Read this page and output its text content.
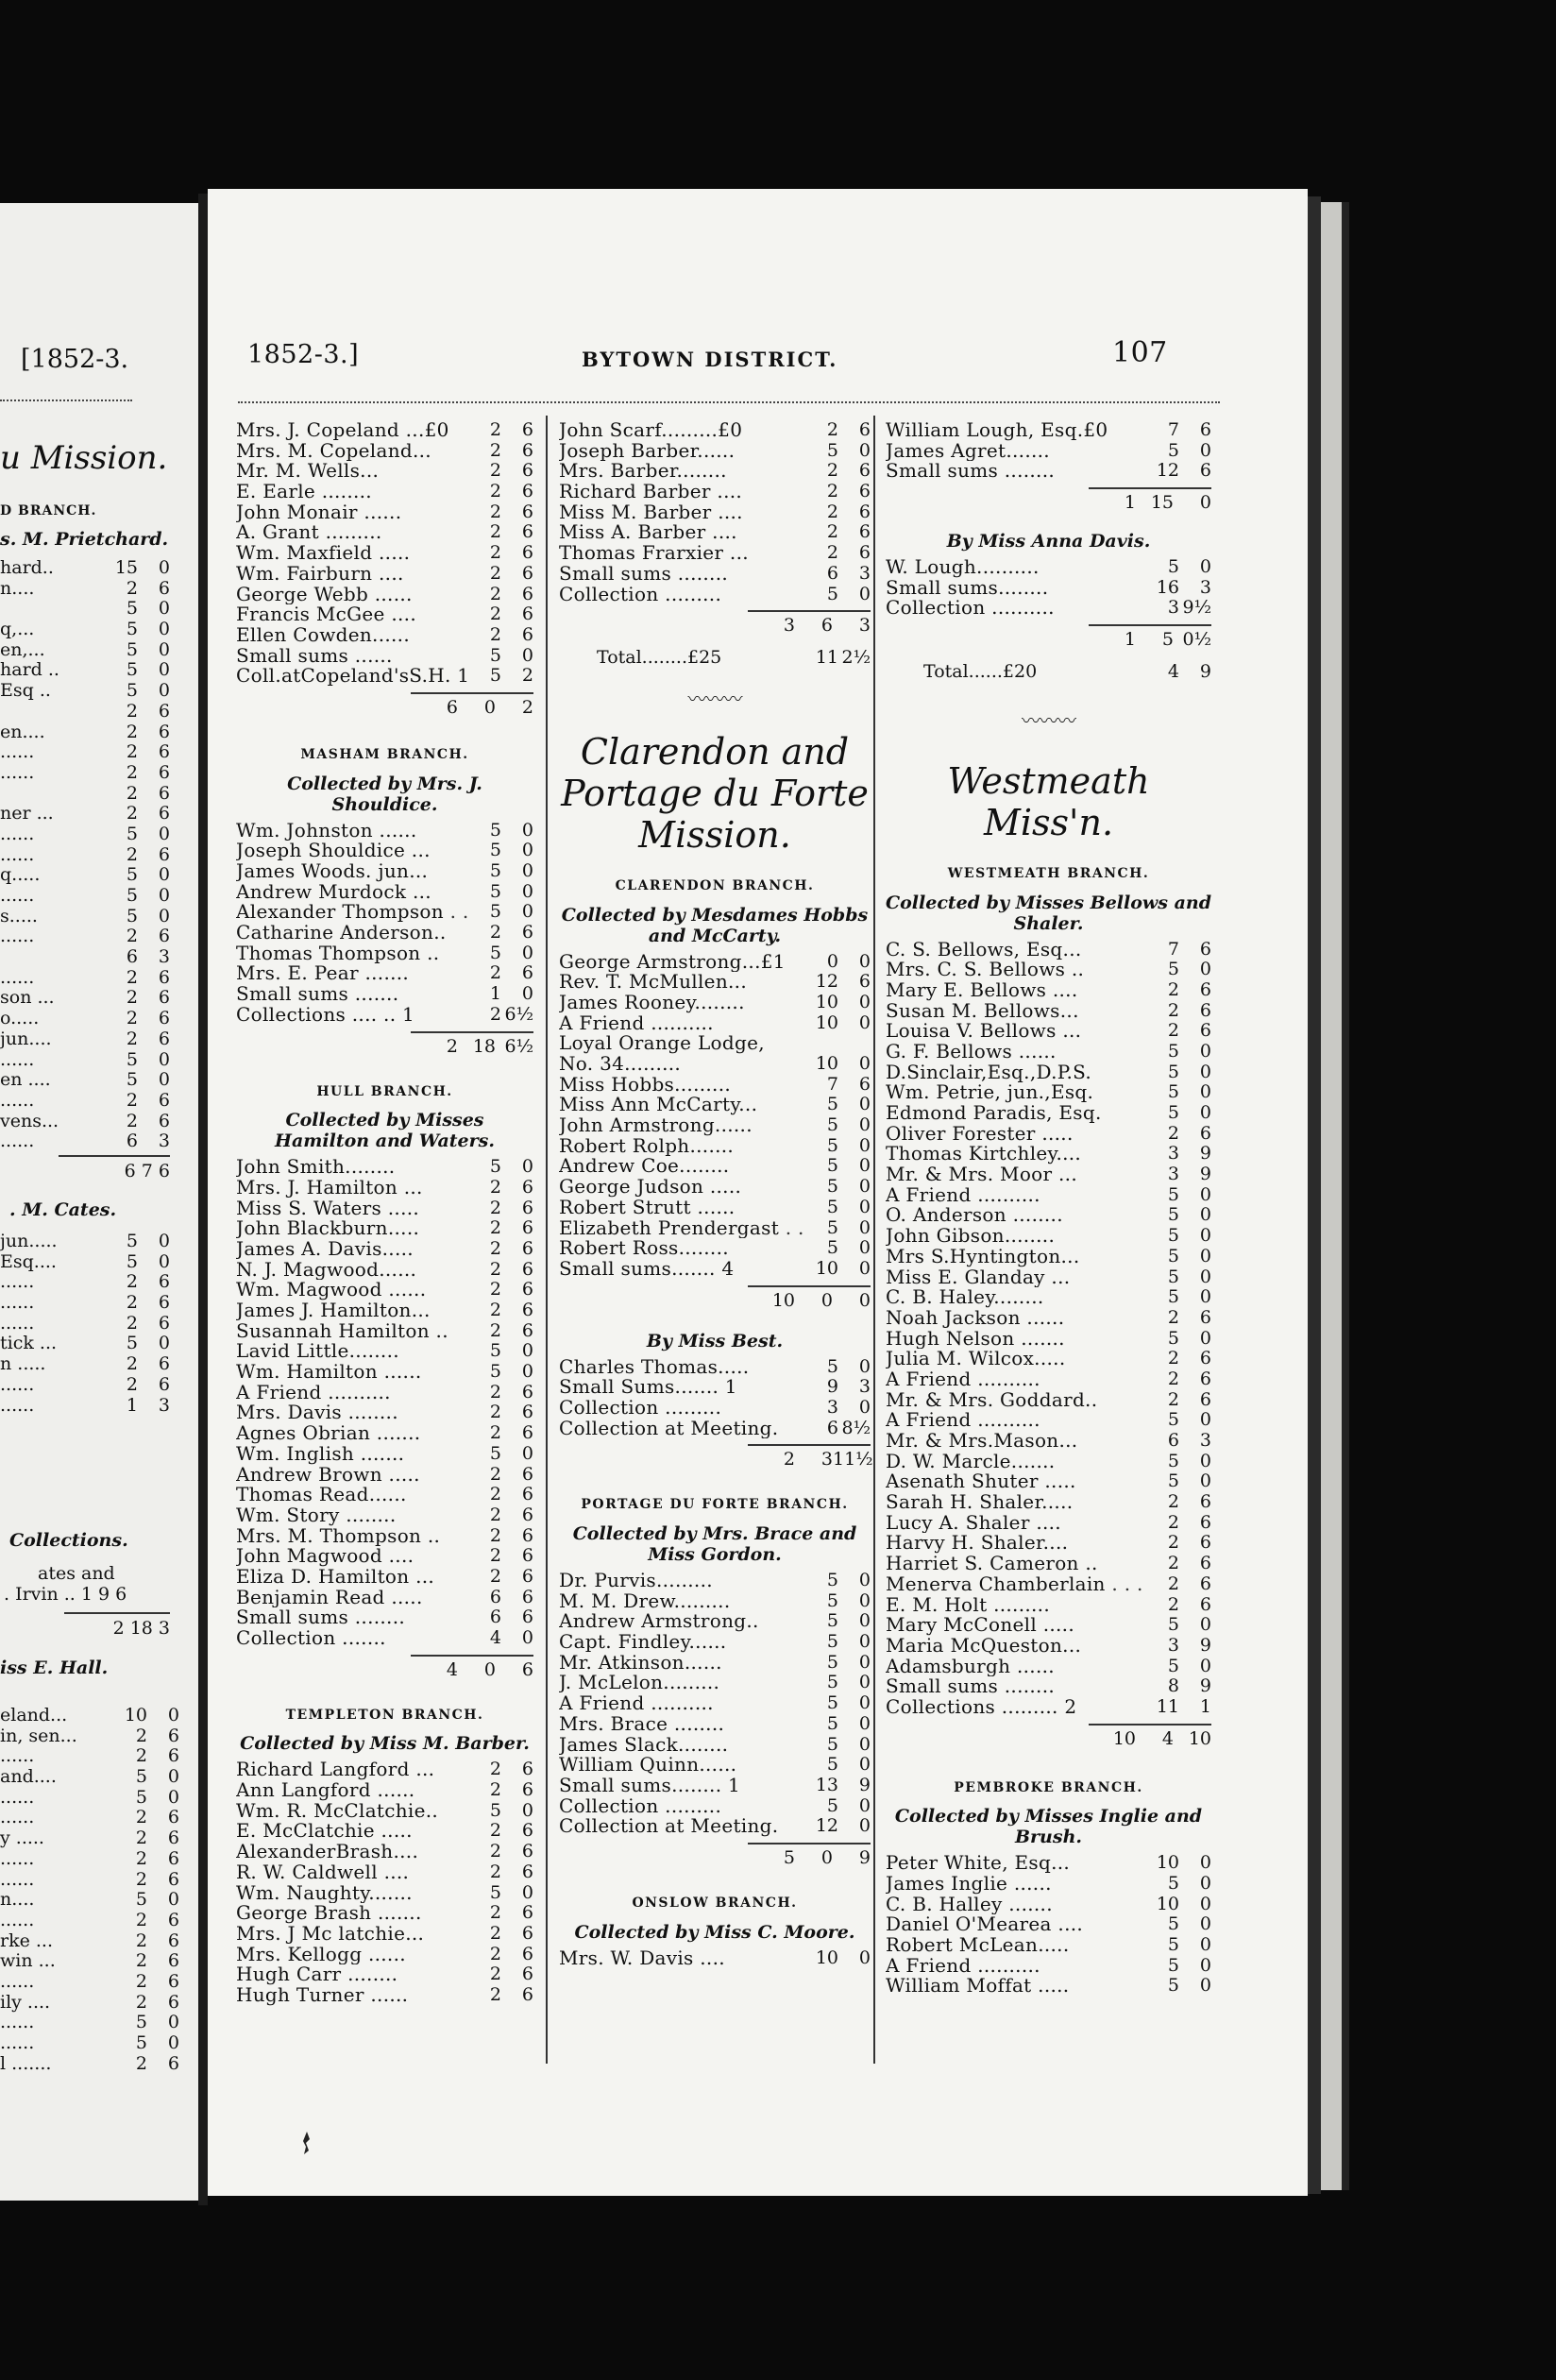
[1852-3.
u Mission.
D BRANCH.
s. M. Prietchard.
hard..	15	0
n....	2	6
5	0
q,...	5	0
en,...	5	0
hard ..	5	0
Esq ..	5	0
2	6
en....	2	6
......	2	6
......	2	6
2	6
ner ...	2	6
......	5	0
......	2	6
q.....	5	0
......	5	0
s.....	5	0
......	2	6
6	3
......	2	6
son ...	2	6
o.....	2	6
jun....	2	6
......	5	0
en ....	5	0
......	2	6
vens...	2	6
......	6	3
6 7 6
. M. Cates.
jun.....	5	0
Esq....	5	0
......	2	6
......	2	6
......	2	6
tick ...	5	0
n .....	2	6
......	2	6
......	1	3
Collections.
ates and
. Irvin .. 1 9 6
2 18 3
iss E. Hall.
eland...	10	0
in, sen...	2	6
......	2	6
and....	5	0
......	5	0
......	2	6
y .....	2	6
......	2	6
......	2	6
n....	5	0
......	2	6
rke ...	2	6
win ...	2	6
......	2	6
ily ....	2	6
......	5	0
......	5	0
l .......	2	6
1852-3.]	BYTOWN DISTRICT.	107
Mrs. J. Copeland ...£0	2	6
Mrs. M. Copeland...	2	6
Mr. M. Wells...	2	6
E. Earle ........	2	6
John Monair ......	2	6
A. Grant .........	2	6
Wm. Maxfield .....	2	6
Wm. Fairburn ....	2	6
George Webb ......	2	6
Francis McGee ....	2	6
Ellen Cowden......	2	6
Small sums ......	5	0
Coll.atCopeland'sS.H. 1	5	2
6	0	2
MASHAM BRANCH.
Collected by Mrs. J. Shouldice.
Wm. Johnston ......	5	0
Joseph Shouldice ...	5	0
James Woods. jun...	5	0
Andrew Murdock ...	5	0
Alexander Thompson . . .	5	0
Catharine Anderson..	2	6
Thomas Thompson ..	5	0
Mrs. E. Pear .......	2	6
Small sums .......	1	0
Collections .... .. 1	2 6½
2 18 6½
HULL BRANCH.
Collected by Misses Hamilton and Waters.
John Smith........	5	0
Mrs. J. Hamilton ...	2	6
Miss S. Waters .....	2	6
John Blackburn.....	2	6
James A. Davis.....	2	6
N. J. Magwood......	2	6
Wm. Magwood ......	2	6
James J. Hamilton...	2	6
Susannah Hamilton ..	2	6
Lavid Little........	5	0
Wm. Hamilton ......	5	0
A Friend ..........	2	6
Mrs. Davis ........	2	6
Agnes Obrian .......	2	6
Wm. Inglish .......	5	0
Andrew Brown .....	2	6
Thomas Read......	2	6
Wm. Story ........	2	6
Mrs. M. Thompson ..	2	6
John Magwood ....	2	6
Eliza D. Hamilton ...	2	6
Benjamin Read .....	6	6
Small sums ........	6	6
Collection .......	4	0
4	0	6
TEMPLETON BRANCH.
Collected by Miss M. Barber.
Richard Langford ...	2	6
Ann Langford ......	2	6
Wm. R. McClatchie..	5	0
E. McClatchie .....	2	6
AlexanderBrash....	2	6
R. W. Caldwell ....	2	6
Wm. Naughty.......	5	0
George Brash .......	2	6
Mrs. J Mc latchie...	2	6
Mrs. Kellogg ......	2	6
Hugh Carr ........	2	6
Hugh Turner ......	2	6
John Scarf.........£0	2	6
Joseph Barber......	5	0
Mrs. Barber........	2	6
Richard Barber ....	2	6
Miss M. Barber ....	2	6
Miss A. Barber ....	2	6
Thomas Frarxier ...	2	6
Small sums ........	6	3
Collection .........	5	0
3	6	3
Total........£25	11 2½
〰〰〰
Clarendon and Portage du Forte Mission.
CLARENDON BRANCH.
Collected by Mesdames Hobbs and McCarty.
George Armstrong...£1	0	0
Rev. T. McMullen...	12	6
James Rooney........	10	0
A Friend ..........	10	0
Loyal Orange Lodge,
No. 34.........	10	0
Miss Hobbs.........	7	6
Miss Ann McCarty...	5	0
John Armstrong......	5	0
Robert Rolph.......	5	0
Andrew Coe........	5	0
George Judson .....	5	0
Robert Strutt ......	5	0
Elizabeth Prendergast . . .	5	0
Robert Ross........	5	0
Small sums....... 4	10	0
10	0	0
By Miss Best.
Charles Thomas.....	5	0
Small Sums....... 1	9	3
Collection .........	3	0
Collection at Meeting.	6 8½
2	3 11½
PORTAGE DU FORTE BRANCH.
Collected by Mrs. Brace and Miss Gordon.
Dr. Purvis.........	5	0
M. M. Drew.........	5	0
Andrew Armstrong..	5	0
Capt. Findley......	5	0
Mr. Atkinson......	5	0
J. McLelon.........	5	0
A Friend ..........	5	0
Mrs. Brace ........	5	0
James Slack........	5	0
William Quinn......	5	0
Small sums........ 1	13	9
Collection .........	5	0
Collection at Meeting.	12	0
5	0	9
ONSLOW BRANCH.
Collected by Miss C. Moore.
Mrs. W. Davis ....	10	0
William Lough, Esq.£0	7	6
James Agret.......	5	0
Small sums ........	12	6
1 15	0
By Miss Anna Davis.
W. Lough..........	5	0
Small sums........	16	3
Collection ..........	3 9½
1	5 0½
Total......£20	4	9
〰〰〰
Westmeath Miss'n.
WESTMEATH BRANCH.
Collected by Misses Bellows and Shaler.
C. S. Bellows, Esq...	7	6
Mrs. C. S. Bellows ..	5	0
Mary E. Bellows ....	2	6
Susan M. Bellows...	2	6
Louisa V. Bellows ...	2	6
G. F. Bellows ......	5	0
D.Sinclair,Esq.,D.P.S.	5	0
Wm. Petrie, jun.,Esq.	5	0
Edmond Paradis, Esq.	5	0
Oliver Forester .....	2	6
Thomas Kirtchley....	3	9
Mr. & Mrs. Moor ...	3	9
A Friend ..........	5	0
O. Anderson ........	5	0
John Gibson........	5	0
Mrs S.Hyntington...	5	0
Miss E. Glanday ...	5	0
C. B. Haley........	5	0
Noah Jackson ......	2	6
Hugh Nelson .......	5	0
Julia M. Wilcox.....	2	6
A Friend ..........	2	6
Mr. & Mrs. Goddard..	2	6
A Friend ..........	5	0
Mr. & Mrs.Mason...	6	3
D. W. Marcle.......	5	0
Asenath Shuter .....	5	0
Sarah H. Shaler.....	2	6
Lucy A. Shaler ....	2	6
Harvy H. Shaler....	2	6
Harriet S. Cameron ..	2	6
Menerva Chamberlain . . .	2	6
E. M. Holt .........	2	6
Mary McConell .....	5	0
Maria McQueston...	3	9
Adamsburgh ......	5	0
Small sums ........	8	9
Collections ......... 2	11	1
10	4 10
PEMBROKE BRANCH.
Collected by Misses Inglie and Brush.
Peter White, Esq...	10	0
James Inglie ......	5	0
C. B. Halley .......	10	0
Daniel O'Mearea ....	5	0
Robert McLean.....	5	0
A Friend ..........	5	0
William Moffat .....	5	0
